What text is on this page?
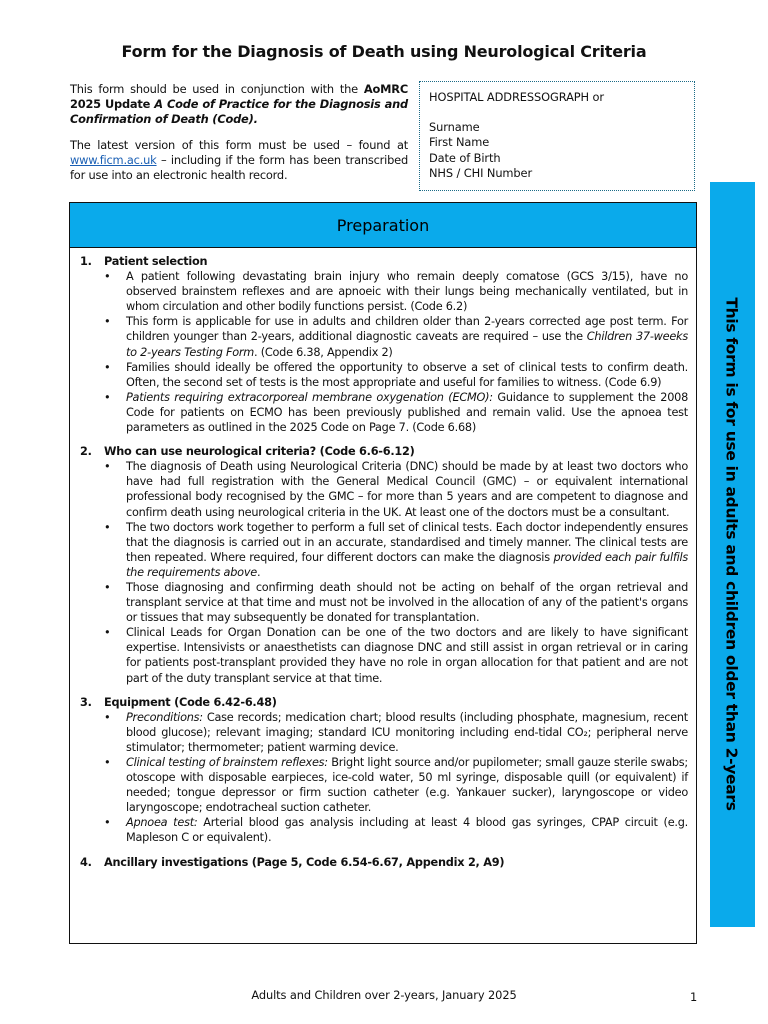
Form for the Diagnosis of Death using Neurological Criteria

This form should be used in conjunction with the AoMRC 2025 Update A Code of Practice for the Diagnosis and Confirmation of Death (Code).

The latest version of this form must be used – found at www.ficm.ac.uk – including if the form has been transcribed for use into an electronic health record.

HOSPITAL ADDRESSOGRAPH or
Surname
First Name
Date of Birth
NHS / CHI Number
This form is for use in adults and children older than 2-years
Preparation
1.	Patient selection
• A patient following devastating brain injury who remain deeply comatose (GCS 3/15), have no observed brainstem reflexes and are apnoeic with their lungs being mechanically ventilated, but in whom circulation and other bodily functions persist. (Code 6.2)
• This form is applicable for use in adults and children older than 2-years corrected age post term. For children younger than 2-years, additional diagnostic caveats are required – use the Children 37-weeks to 2-years Testing Form. (Code 6.38, Appendix 2)
• Families should ideally be offered the opportunity to observe a set of clinical tests to confirm death. Often, the second set of tests is the most appropriate and useful for families to witness. (Code 6.9)
• Patients requiring extracorporeal membrane oxygenation (ECMO): Guidance to supplement the 2008 Code for patients on ECMO has been previously published and remain valid. Use the apnoea test parameters as outlined in the 2025 Code on Page 7. (Code 6.68)
2.	Who can use neurological criteria? (Code 6.6-6.12)
• The diagnosis of Death using Neurological Criteria (DNC) should be made by at least two doctors who have had full registration with the General Medical Council (GMC) – or equivalent international professional body recognised by the GMC – for more than 5 years and are competent to diagnose and confirm death using neurological criteria in the UK. At least one of the doctors must be a consultant.
• The two doctors work together to perform a full set of clinical tests. Each doctor independently ensures that the diagnosis is carried out in an accurate, standardised and timely manner. The clinical tests are then repeated. Where required, four different doctors can make the diagnosis provided each pair fulfils the requirements above.
• Those diagnosing and confirming death should not be acting on behalf of the organ retrieval and transplant service at that time and must not be involved in the allocation of any of the patient's organs or tissues that may subsequently be donated for transplantation.
• Clinical Leads for Organ Donation can be one of the two doctors and are likely to have significant expertise. Intensivists or anaesthetists can diagnose DNC and still assist in organ retrieval or in caring for patients post-transplant provided they have no role in organ allocation for that patient and are not part of the duty transplant service at that time.
3.	Equipment (Code 6.42-6.48)
• Preconditions: Case records; medication chart; blood results (including phosphate, magnesium, recent blood glucose); relevant imaging; standard ICU monitoring including end-tidal CO₂; peripheral nerve stimulator; thermometer; patient warming device.
• Clinical testing of brainstem reflexes: Bright light source and/or pupilometer; small gauze sterile swabs; otoscope with disposable earpieces, ice-cold water, 50 ml syringe, disposable quill (or equivalent) if needed; tongue depressor or firm suction catheter (e.g. Yankauer sucker), laryngoscope or video laryngoscope; endotracheal suction catheter.
• Apnoea test: Arterial blood gas analysis including at least 4 blood gas syringes, CPAP circuit (e.g. Mapleson C or equivalent).
4.	Ancillary investigations (Page 5, Code 6.54-6.67, Appendix 2, A9)
Adults and Children over 2-years, January 2025	1
